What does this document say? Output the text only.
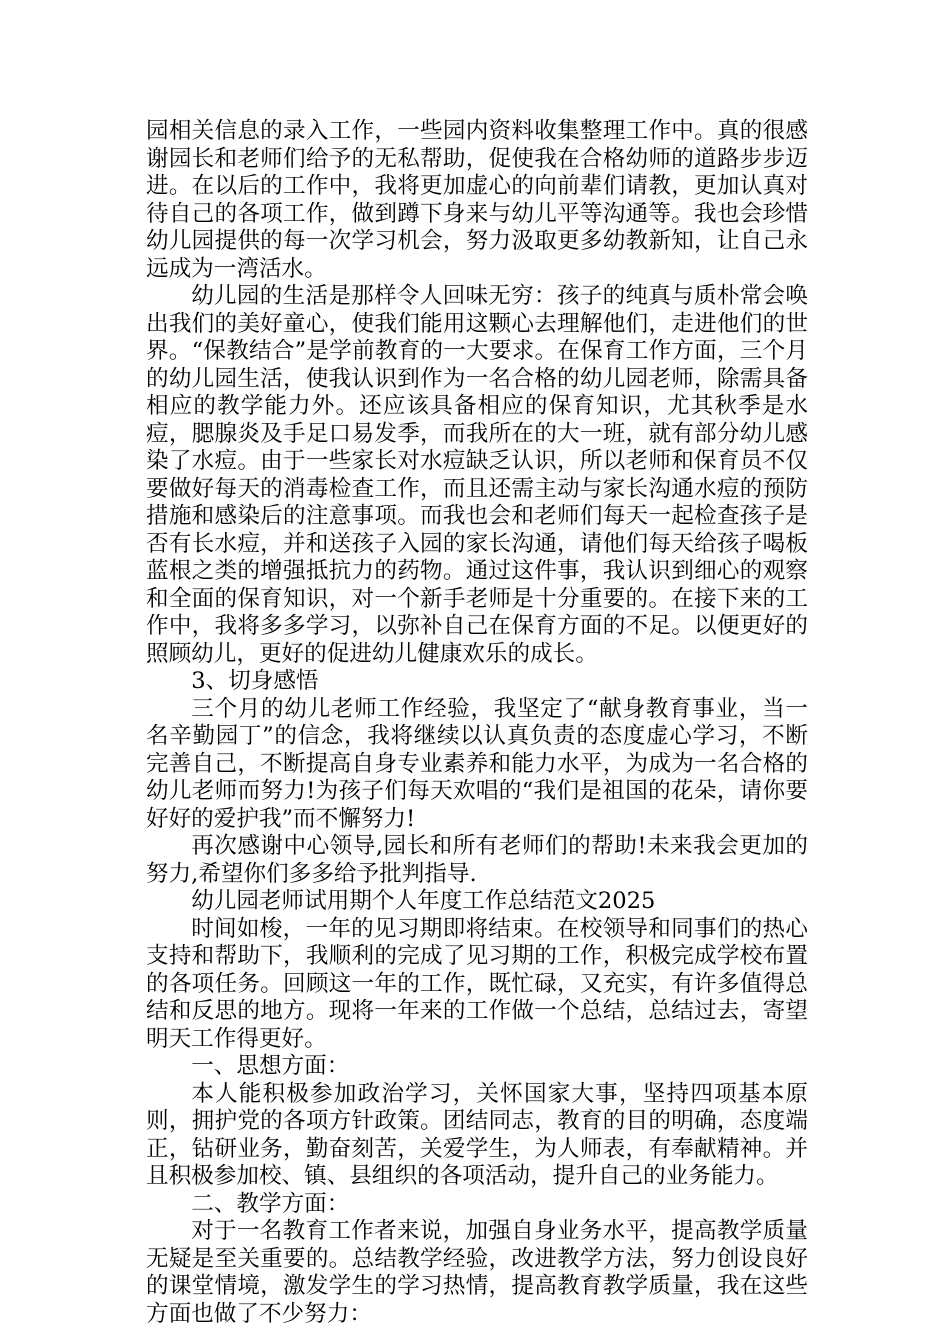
园相关信息的录入工作，一些园内资料收集整理工作中。真的很感谢园长和老师们给予的无私帮助，促使我在合格幼师的道路步步迈进。在以后的工作中，我将更加虚心的向前辈们请教，更加认真对待自己的各项工作，做到蹲下身来与幼儿平等沟通等。我也会珍惜幼儿园提供的每一次学习机会，努力汲取更多幼教新知，让自己永远成为一湾活水。

幼儿园的生活是那样令人回味无穷：孩子的纯真与质朴常会唤出我们的美好童心，使我们能用这颗心去理解他们，走进他们的世界。“保教结合”是学前教育的一大要求。在保育工作方面，三个月的幼儿园生活，使我认识到作为一名合格的幼儿园老师，除需具备相应的教学能力外。还应该具备相应的保育知识，尤其秋季是水痘，腮腺炎及手足口易发季，而我所在的大一班，就有部分幼儿感染了水痘。由于一些家长对水痘缺乏认识，所以老师和保育员不仅要做好每天的消毒检查工作，而且还需主动与家长沟通水痘的预防措施和感染后的注意事项。而我也会和老师们每天一起检查孩子是否有长水痘，并和送孩子入园的家长沟通，请他们每天给孩子喝板蓝根之类的增强抵抗力的药物。通过这件事，我认识到细心的观察和全面的保育知识，对一个新手老师是十分重要的。在接下来的工作中，我将多多学习，以弥补自己在保育方面的不足。以便更好的照顾幼儿，更好的促进幼儿健康欢乐的成长。

3、切身感悟

三个月的幼儿老师工作经验，我坚定了“献身教育事业，当一名辛勤园丁”的信念，我将继续以认真负责的态度虚心学习，不断完善自己，不断提高自身专业素养和能力水平，为成为一名合格的幼儿老师而努力!为孩子们每天欢唱的“我们是祖国的花朵，请你要好好的爱护我”而不懈努力!

再次感谢中心领导,园长和所有老师们的帮助!未来我会更加的努力,希望你们多多给予批判指导.

幼儿园老师试用期个人年度工作总结范文2025

时间如梭，一年的见习期即将结束。在校领导和同事们的热心支持和帮助下，我顺利的完成了见习期的工作，积极完成学校布置的各项任务。回顾这一年的工作，既忙碌，又充实，有许多值得总结和反思的地方。现将一年来的工作做一个总结，总结过去，寄望明天工作得更好。

一、思想方面：

本人能积极参加政治学习，关怀国家大事，坚持四项基本原则，拥护党的各项方针政策。团结同志，教育的目的明确，态度端正，钻研业务，勤奋刻苦，关爱学生，为人师表，有奉献精神。并且积极参加校、镇、县组织的各项活动，提升自己的业务能力。

二、教学方面：

对于一名教育工作者来说，加强自身业务水平，提高教学质量无疑是至关重要的。总结教学经验，改进教学方法，努力创设良好的课堂情境，激发学生的学习热情，提高教育教学质量，我在这些方面也做了不少努力：
